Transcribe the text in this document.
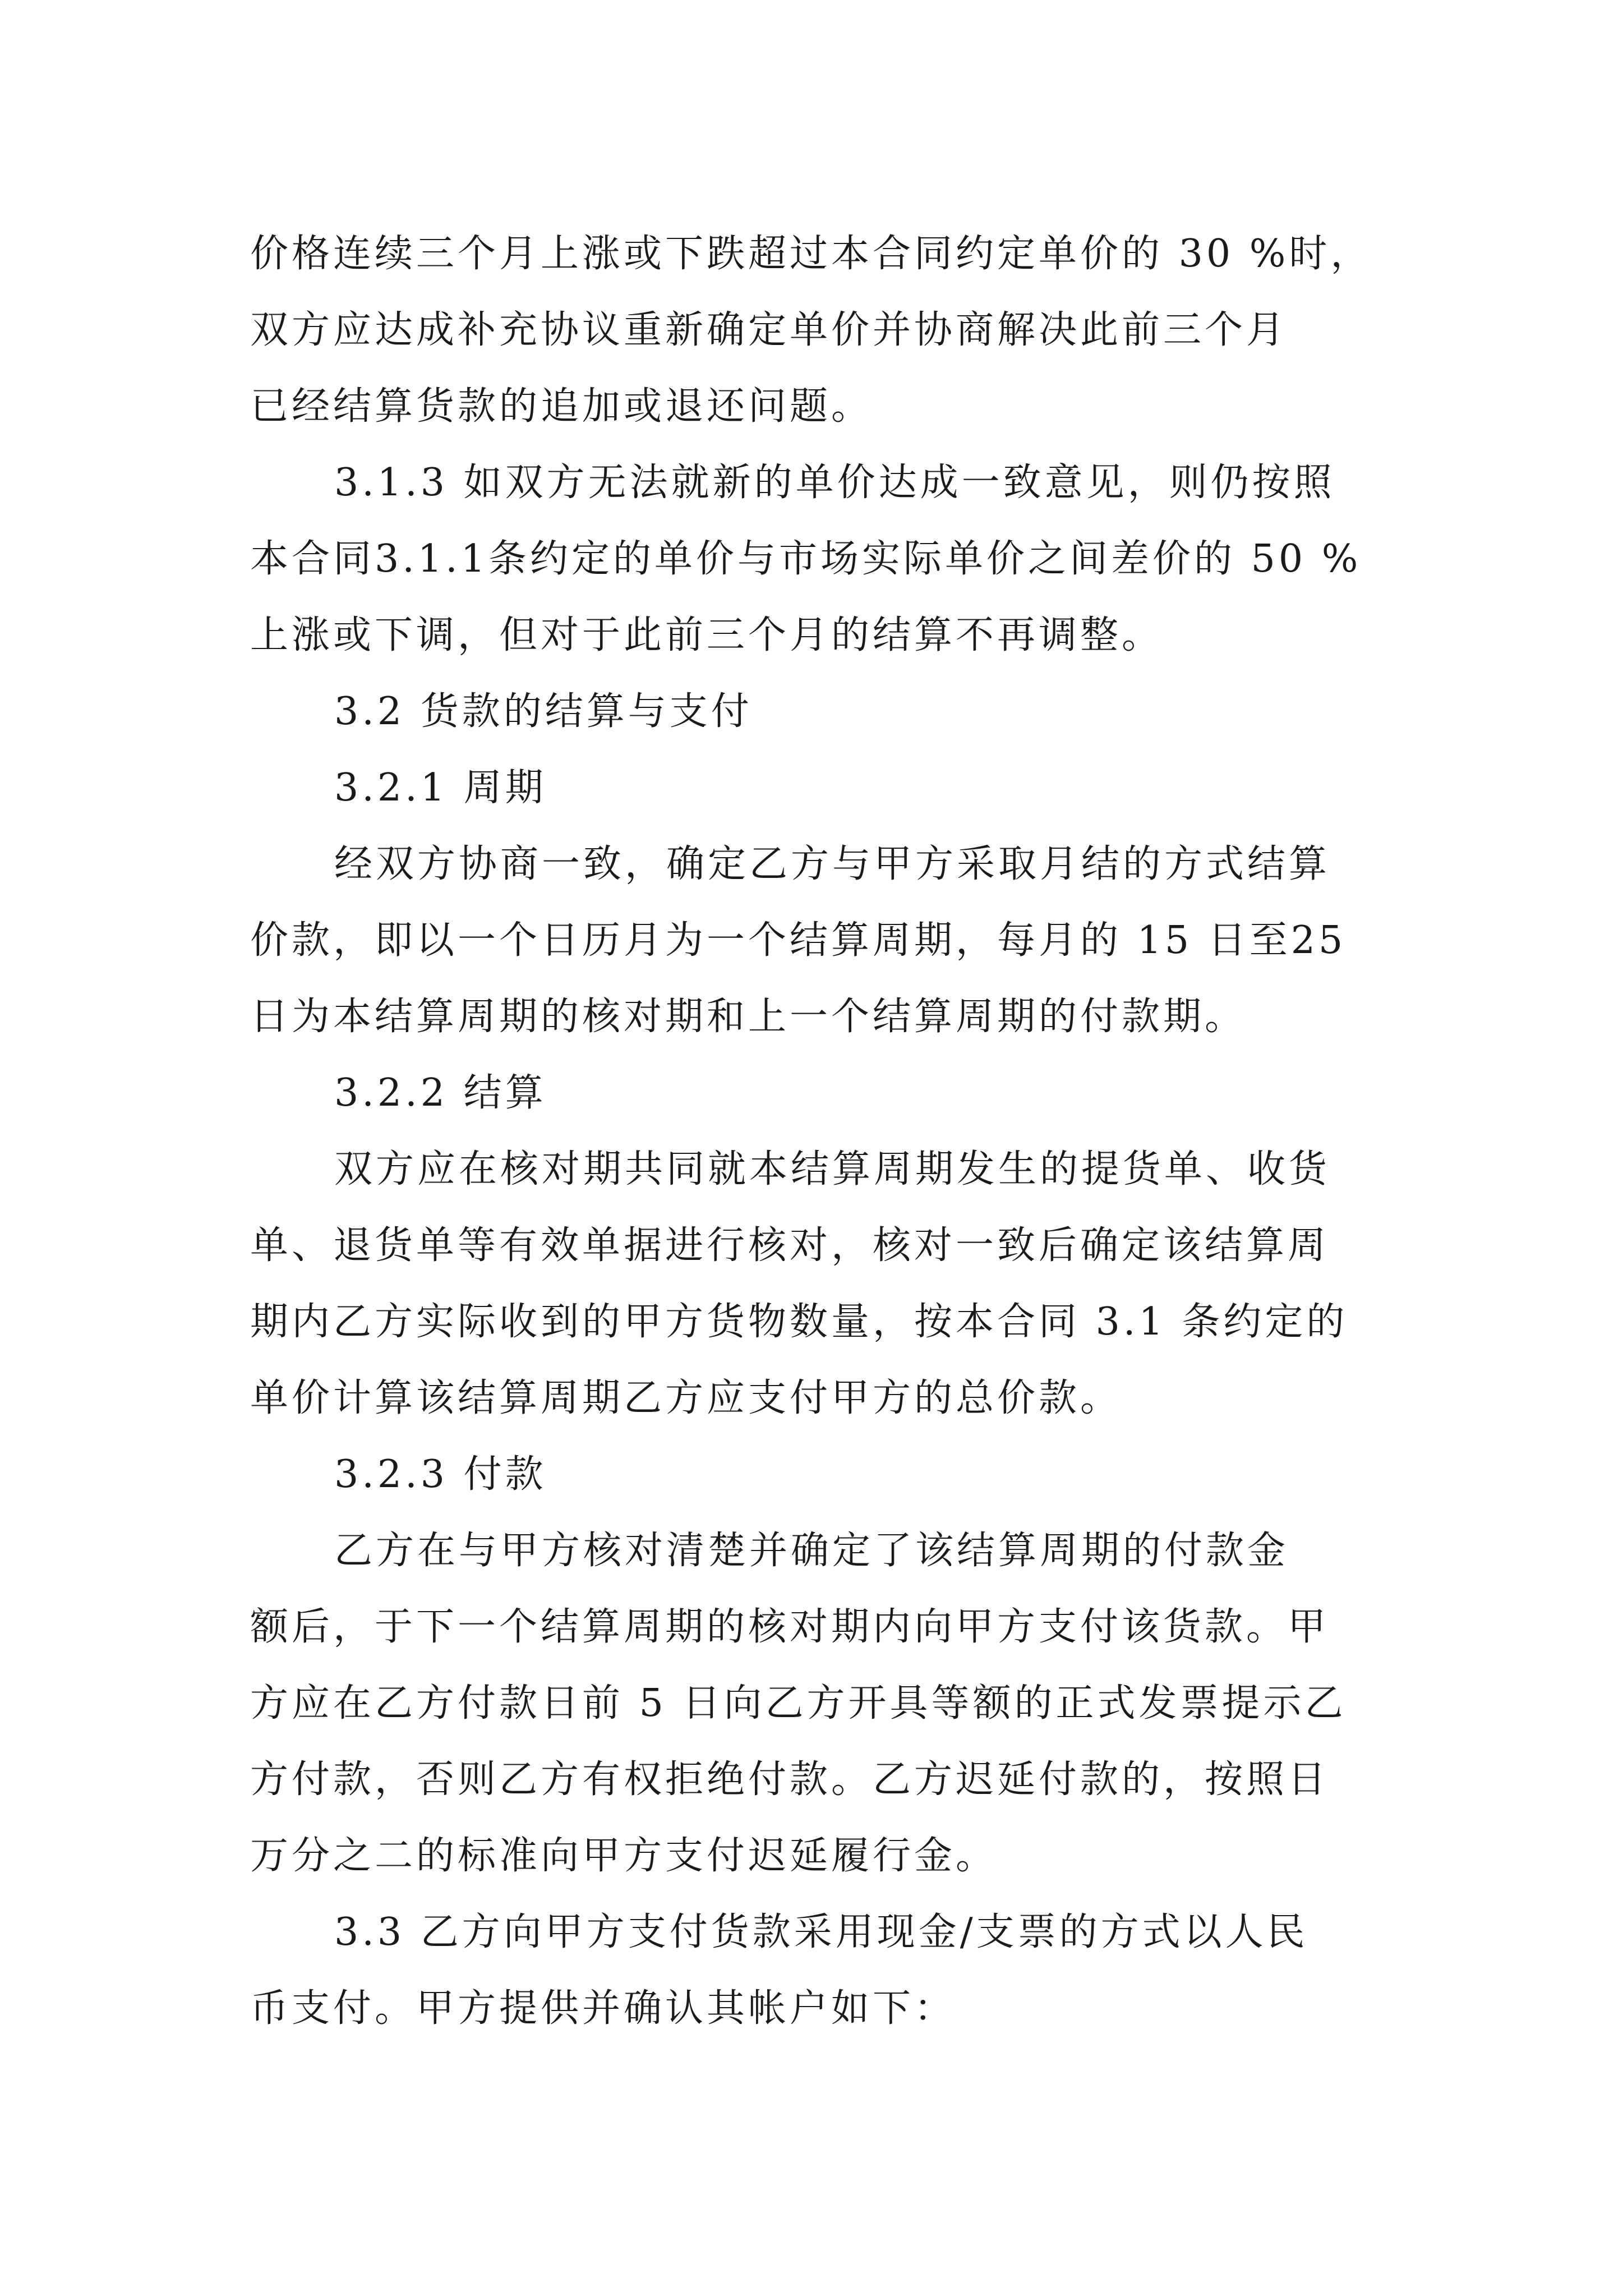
价格连续三个月上涨或下跌超过本合同约定单价的 30 %时，
双方应达成补充协议重新确定单价并协商解决此前三个月
已经结算货款的追加或退还问题。
3.1.3 如双方无法就新的单价达成一致意见，则仍按照
本合同3.1.1条约定的单价与市场实际单价之间差价的 50 %
上涨或下调，但对于此前三个月的结算不再调整。
3.2 货款的结算与支付
3.2.1 周期
经双方协商一致，确定乙方与甲方采取月结的方式结算
价款，即以一个日历月为一个结算周期，每月的 15 日至25
日为本结算周期的核对期和上一个结算周期的付款期。
3.2.2 结算
双方应在核对期共同就本结算周期发生的提货单、收货
单、退货单等有效单据进行核对，核对一致后确定该结算周
期内乙方实际收到的甲方货物数量，按本合同 3.1 条约定的
单价计算该结算周期乙方应支付甲方的总价款。
3.2.3 付款
乙方在与甲方核对清楚并确定了该结算周期的付款金
额后，于下一个结算周期的核对期内向甲方支付该货款。甲
方应在乙方付款日前 5 日向乙方开具等额的正式发票提示乙
方付款，否则乙方有权拒绝付款。乙方迟延付款的，按照日
万分之二的标准向甲方支付迟延履行金。
3.3 乙方向甲方支付货款采用现金/支票的方式以人民
币支付。甲方提供并确认其帐户如下：
